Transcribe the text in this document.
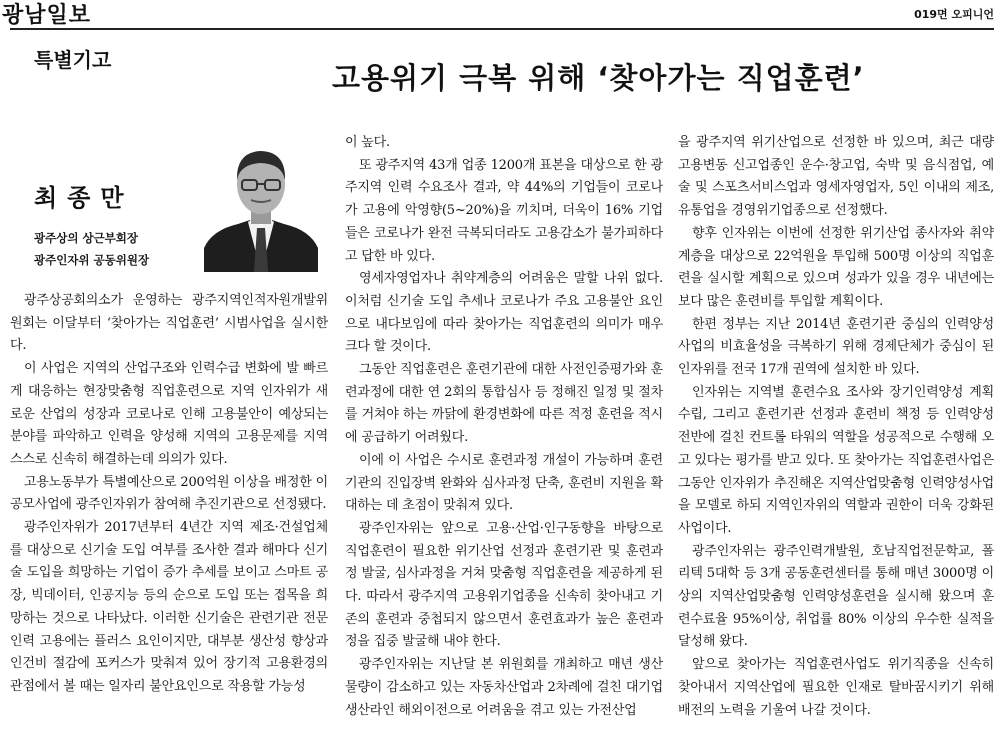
광남일보	019면 오피니언
특별기고
고용위기 극복 위해 ‘찾아가는 직업훈련’
최종만
광주상의 상근부회장
광주인자위 공동위원장

광주상공회의소가 운영하는 광주지역인적자원개발위원회는 이달부터 ‘찾아가는 직업훈련’ 시범사업을 실시한다.

이 사업은 지역의 산업구조와 인력수급 변화에 발 빠르게 대응하는 현장맞춤형 직업훈련으로 지역 인자위가 새로운 산업의 성장과 코로나로 인해 고용불안이 예상되는 분야를 파악하고 인력을 양성해 지역의 고용문제를 지역 스스로 신속히 해결하는데 의의가 있다.

고용노동부가 특별예산으로 200억원 이상을 배정한 이 공모사업에 광주인자위가 참여해 추진기관으로 선정됐다.

광주인자위가 2017년부터 4년간 지역 제조·건설업체를 대상으로 신기술 도입 여부를 조사한 결과 해마다 신기술 도입을 희망하는 기업이 증가 추세를 보이고 스마트 공장, 빅데이터, 인공지능 등의 순으로 도입 또는 접목을 희망하는 것으로 나타났다. 이러한 신기술은 관련기관 전문인력 고용에는 플러스 요인이지만, 대부분 생산성 향상과 인건비 절감에 포커스가 맞춰져 있어 장기적 고용환경의 관점에서 볼 때는 일자리 불안요인으로 작용할 가능성

이 높다.

또 광주지역 43개 업종 1200개 표본을 대상으로 한 광주지역 인력 수요조사 결과, 약 44%의 기업들이 코로나가 고용에 악영향(5~20%)을 끼치며, 더욱이 16% 기업들은 코로나가 완전 극복되더라도 고용감소가 불가피하다고 답한 바 있다.

영세자영업자나 취약계층의 어려움은 말할 나위 없다. 이처럼 신기술 도입 추세나 코로나가 주요 고용불안 요인으로 내다보임에 따라 찾아가는 직업훈련의 의미가 매우 크다 할 것이다.

그동안 직업훈련은 훈련기관에 대한 사전인증평가와 훈련과정에 대한 연 2회의 통합심사 등 정해진 일정 및 절차를 거쳐야 하는 까닭에 환경변화에 따른 적정 훈련을 적시에 공급하기 어려웠다.

이에 이 사업은 수시로 훈련과정 개설이 가능하며 훈련기관의 진입장벽 완화와 심사과정 단축, 훈련비 지원을 확대하는 데 초점이 맞춰져 있다.

광주인자위는 앞으로 고용·산업·인구동향을 바탕으로 직업훈련이 필요한 위기산업 선정과 훈련기관 및 훈련과정 발굴, 심사과정을 거쳐 맞춤형 직업훈련을 제공하게 된다. 따라서 광주지역 고용위기업종을 신속히 찾아내고 기존의 훈련과 중첩되지 않으면서 훈련효과가 높은 훈련과정을 집중 발굴해 내야 한다.

광주인자위는 지난달 본 위원회를 개최하고 매년 생산물량이 감소하고 있는 자동차산업과 2차례에 걸친 대기업 생산라인 해외이전으로 어려움을 겪고 있는 가전산업

을 광주지역 위기산업으로 선정한 바 있으며, 최근 대량 고용변동 신고업종인 운수·창고업, 숙박 및 음식점업, 예술 및 스포츠서비스업과 영세자영업자, 5인 이내의 제조, 유통업을 경영위기업종으로 선정했다.

향후 인자위는 이번에 선정한 위기산업 종사자와 취약계층을 대상으로 22억원을 투입해 500명 이상의 직업훈련을 실시할 계획으로 있으며 성과가 있을 경우 내년에는 보다 많은 훈련비를 투입할 계획이다.

한편 정부는 지난 2014년 훈련기관 중심의 인력양성사업의 비효율성을 극복하기 위해 경제단체가 중심이 된 인자위를 전국 17개 권역에 설치한 바 있다.

인자위는 지역별 훈련수요 조사와 장기인력양성 계획 수립, 그리고 훈련기관 선정과 훈련비 책정 등 인력양성 전반에 걸친 컨트롤 타워의 역할을 성공적으로 수행해 오고 있다는 평가를 받고 있다. 또 찾아가는 직업훈련사업은 그동안 인자위가 추진해온 지역산업맞춤형 인력양성사업을 모델로 하되 지역인자위의 역할과 권한이 더욱 강화된 사업이다.

광주인자위는 광주인력개발원, 호남직업전문학교, 폴리텍 5대학 등 3개 공동훈련센터를 통해 매년 3000명 이상의 지역산업맞춤형 인력양성훈련을 실시해 왔으며 훈련수료율 95%이상, 취업률 80% 이상의 우수한 실적을 달성해 왔다.

앞으로 찾아가는 직업훈련사업도 위기직종을 신속히 찾아내서 지역산업에 필요한 인재로 탈바꿈시키기 위해 배전의 노력을 기울여 나갈 것이다.
